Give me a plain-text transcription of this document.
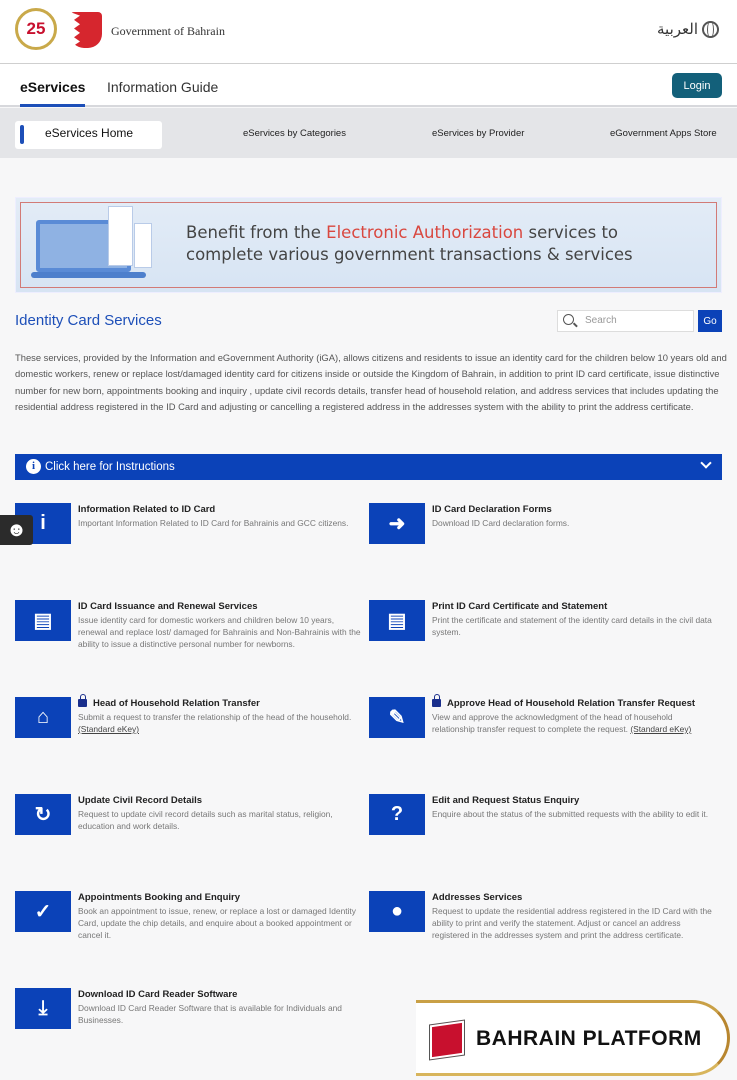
25	Government of Bahrain	العربية
eServices Information Guide	Login
eServices Home	eServices by Categories	eServices by Provider	eGovernment Apps Store
Benefit from the Electronic Authorization services to
complete various government transactions & services
Identity Card Services	Search	Go
These services, provided by the Information and eGovernment Authority (iGA), allows citizens and residents to issue an identity card for the children below 10 years old and domestic workers, renew or replace lost/damaged identity card for citizens inside or outside the Kingdom of Bahrain, in addition to print ID card certificate, issue distinctive number for new born, appointments booking and inquiry , update civil records details, transfer head of household relation, and address services that includes updating the residential address registered in the ID Card and adjusting or cancelling a registered address in the addresses system with the ability to print the address certificate.
i Click here for Instructions
i
Information Related to ID Card
Important Information Related to ID Card for Bahrainis and GCC citizens.	➜
ID Card Declaration Forms
Download ID Card declaration forms.
▤
ID Card Issuance and Renewal Services
Issue identity card for domestic workers and children below 10 years, renewal and replace lost/ damaged for Bahrainis and Non-Bahrainis with the ability to issue a distinctive personal number for newborns.
▤
Print ID Card Certificate and Statement
Print the certificate and statement of the identity card details in the civil data system.
⌂
Head of Household Relation Transfer
Submit a request to transfer the relationship of the head of the household. (Standard eKey)	✎
Approve Head of Household Relation Transfer Request
View and approve the acknowledgment of the head of household relationship transfer request to complete the request. (Standard eKey)
↻
Update Civil Record Details
Request to update civil record details such as marital status, religion, education and work details.
?
Edit and Request Status Enquiry
Enquire about the status of the submitted requests with the ability to edit it.
✓
Appointments Booking and Enquiry
Book an appointment to issue, renew, or replace a lost or damaged Identity Card, update the chip details, and enquire about a booked appointment or cancel it.
●
Addresses Services
Request to update the residential address registered in the ID Card with the ability to print and verify the statement. Adjust or cancel an address registered in the addresses system and print the address certificate.
⤓
Download ID Card Reader Software
Download ID Card Reader Software that is available for Individuals and Businesses.
☻
BAHRAIN PLATFORM
